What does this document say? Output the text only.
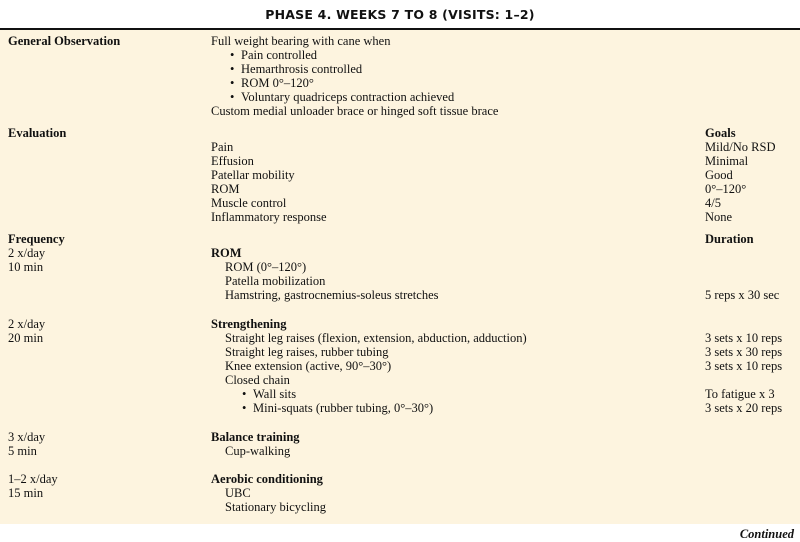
PHASE 4. WEEKS 7 TO 8 (VISITS: 1–2)
General Observation	Full weight bearing with cane when
• Pain controlled
• Hemarthrosis controlled
• ROM 0°–120°
• Voluntary quadriceps contraction achieved
Custom medial unloader brace or hinged soft tissue brace
Evaluation	Goals
Pain	Mild/No RSD
Effusion	Minimal
Patellar mobility	Good
ROM	0°–120°
Muscle control	4/5
Inflammatory response	None
Frequency	Duration
2 x/day	ROM
10 min	ROM (0°–120°)
Patella mobilization
Hamstring, gastrocnemius-soleus stretches	5 reps x 30 sec
2 x/day	Strengthening
20 min	Straight leg raises (flexion, extension, abduction, adduction)	3 sets x 10 reps
Straight leg raises, rubber tubing	3 sets x 30 reps
Knee extension (active, 90°–30°)	3 sets x 10 reps
Closed chain
• Wall sits	To fatigue x 3
• Mini-squats (rubber tubing, 0°–30°)	3 sets x 20 reps
3 x/day	Balance training
5 min	Cup-walking
1–2 x/day	Aerobic conditioning
15 min	UBC
Stationary bicycling
Continued
